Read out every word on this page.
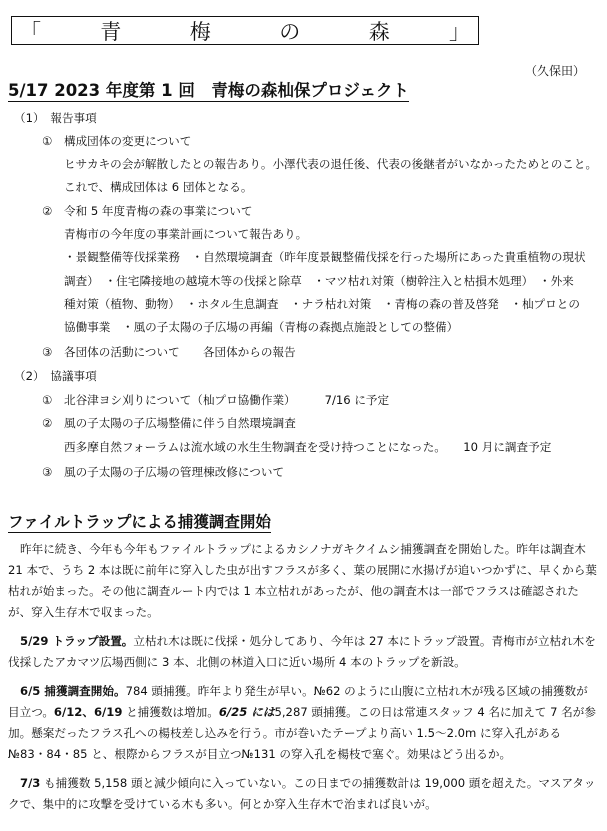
「	青	梅	の	森	」
（久保田）
5/17 2023 年度第 1 回　青梅の森杣保プロジェクト
（1）　報告事項
①　構成団体の変更について
ヒサカキの会が解散したとの報告あり。小澤代表の退任後、代表の後継者がいなかったためとのこと。
これで、構成団体は 6 団体となる。
②　令和 5 年度青梅の森の事業について
青梅市の今年度の事業計画について報告あり。
・景観整備等伐採業務　・自然環境調査（昨年度景観整備伐採を行った場所にあった貴重植物の現状
調査）　・住宅隣接地の越境木等の伐採と除草　・マツ枯れ対策（樹幹注入と枯損木処理）　・外来
種対策（植物、動物）　・ホタル生息調査　・ナラ枯れ対策　・青梅の森の普及啓発　・杣プロとの
協働事業　・風の子太陽の子広場の再編（青梅の森拠点施設としての整備）
③　各団体の活動について　　各団体からの報告
（2）　協議事項
①　北谷津ヨシ刈りについて（杣プロ協働作業）　　　7/16 に予定
②　風の子太陽の子広場整備に伴う自然環境調査
西多摩自然フォーラムは流水域の水生生物調査を受け持つことになった。　　10 月に調査予定
③　風の子太陽の子広場の管理棟改修について
ファイルトラップによる捕獲調査開始

昨年に続き、今年も今年もファイルトラップによるカシノナガキクイムシ捕獲調査を開始した。昨年は調査木 21 本で、うち 2 本は既に前年に穿入した虫が出すフラスが多く、葉の展開に水揚げが追いつかずに、早くから葉枯れが始まった。その他に調査ルート内では 1 本立枯れがあったが、他の調査木は一部でフラスは確認されたが、穿入生存木で収まった。

5/29 トラップ設置。立枯れ木は既に伐採・処分してあり、今年は 27 本にトラップ設置。青梅市が立枯れ木を伐採したアカマツ広場西側に 3 本、北側の林道入口に近い場所 4 本のトラップを新設。

6/5 捕獲調査開始。784 頭捕獲。昨年より発生が早い。№62 のように山腹に立枯れ木が残る区域の捕獲数が目立つ。6/12、6/19 と捕獲数は増加。6/25 には5,287 頭捕獲。この日は常連スタッフ 4 名に加えて 7 名が参加。懸案だったフラス孔への楊枝差し込みを行う。市が巻いたテープより高い 1.5～2.0m に穿入孔がある№83・84・85 と、根際からフラスが目立つ№131 の穿入孔を楊枝で塞ぐ。効果はどう出るか。

7/3 も捕獲数 5,158 頭と減少傾向に入っていない。この日までの捕獲数計は 19,000 頭を超えた。マスアタックで、集中的に攻撃を受けている木も多い。何とか穿入生存木で治まれば良いが。
